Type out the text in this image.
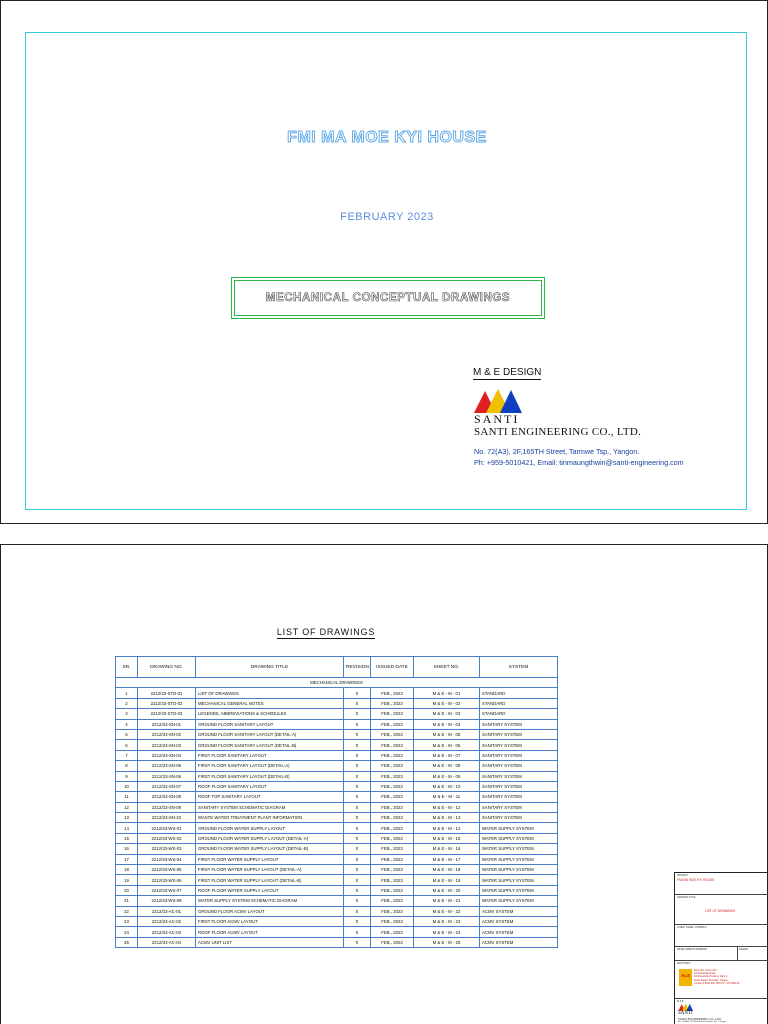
FMI MA MOE KYI HOUSE
FEBRUARY 2023
MECHANICAL CONCEPTUAL DRAWINGS
M & E DESIGN
SANTI
SANTI ENGINEERING CO., LTD.
No. 72(A3), 2F,165TH Street, Tarmwe Tsp., Yangon.
Ph: +959-5010421, Email: tinmaungthwin@santi-engineering.com
LIST OF DRAWINGS
SR.	DRAWING NO.	DRAWING TITLE	REVISION	ISSUED DATE	SHEET NO.	SYSTEM
MECHANICAL DRAWINGS						
1	2212/33-STD-01	LIST OF DRAWINGS	0	FEB., 2023	M & E - M - 01	STANDARD
2	2212/33-STD-02	MECHANICAL GENERAL NOTES	0	FEB., 2023	M & E - M - 02	STANDARD
3	2212/33-STD-03	LEGENDS, ABBREVIATIONS & SCHEDULES	0	FEB., 2023	M & E - M - 03	STANDARD
4	2212/33-SN-01	GROUND FLOOR SANITARY LAYOUT	0	FEB., 2023	M & E - M - 04	SANITARY SYSTEM
5	2212/33-SN-02	GROUND FLOOR SANITARY LAYOUT (DETAIL-A)	0	FEB., 2023	M & E - M - 05	SANITARY SYSTEM
6	2212/33-SN-03	GROUND FLOOR SANITARY LAYOUT (DETAIL-B)	0	FEB., 2023	M & E - M - 06	SANITARY SYSTEM
7	2212/33-SN-04	FIRST FLOOR SANITARY LAYOUT	0	FEB., 2023	M & E - M - 07	SANITARY SYSTEM
8	2212/33-SN-05	FIRST FLOOR SANITARY LAYOUT (DETAIL-A)	0	FEB., 2023	M & E - M - 08	SANITARY SYSTEM
9	2212/33-SN-06	FIRST FLOOR SANITARY LAYOUT (DETAIL-B)	0	FEB., 2023	M & E - M - 09	SANITARY SYSTEM
10	2212/33-SN-07	ROOF FLOOR SANITARY LAYOUT	0	FEB., 2023	M & E - M - 10	SANITARY SYSTEM
11	2212/33-SN-08	ROOF TOP SANITARY LAYOUT	0	FEB., 2023	M & E - M - 11	SANITARY SYSTEM
12	2212/33-SN-09	SANITARY SYSTEM SCHEMATIC DIAGRAM	0	FEB., 2023	M & E - M - 12	SANITARY SYSTEM
13	2212/33-SN-10	WASTE WATER TREATMENT PLANT INFORMATION	0	FEB., 2023	M & E - M - 13	SANITARY SYSTEM
14	2212/33-WS-01	GROUND FLOOR WATER SUPPLY LAYOUT	0	FEB., 2023	M & E - M - 14	WATER SUPPLY SYSTEM
15	2212/33-WS-02	GROUND FLOOR WATER SUPPLY LAYOUT (DETAIL-A)	0	FEB., 2023	M & E - M - 15	WATER SUPPLY SYSTEM
16	2212/33-WS-03	GROUND FLOOR WATER SUPPLY LAYOUT (DETAIL-B)	0	FEB., 2023	M & E - M - 16	WATER SUPPLY SYSTEM
17	2212/33-WS-04	FIRST FLOOR WATER SUPPLY LAYOUT	0	FEB., 2023	M & E - M - 17	WATER SUPPLY SYSTEM
18	2212/33-WS-05	FIRST FLOOR WATER SUPPLY LAYOUT (DETAIL-A)	0	FEB., 2023	M & E - M - 18	WATER SUPPLY SYSTEM
19	2212/33-WS-06	FIRST FLOOR WATER SUPPLY LAYOUT (DETAIL-B)	0	FEB., 2023	M & E - M - 19	WATER SUPPLY SYSTEM
20	2212/33-WS-07	ROOF FLOOR WATER SUPPLY LAYOUT	0	FEB., 2023	M & E - M - 20	WATER SUPPLY SYSTEM
21	2212/33-WS-08	WATER SUPPLY SYSTEM SCHEMATIC DIAGRAM	0	FEB., 2023	M & E - M - 21	WATER SUPPLY SYSTEM
22	2212/33-AC-01	GROUND FLOOR ACMV LAYOUT	0	FEB., 2023	M & E - M - 22	ACMV SYSTEM
23	2212/33-AC-02	FIRST FLOOR ACMV LAYOUT	0	FEB., 2023	M & E - M - 23	ACMV SYSTEM
24	2212/33-AC-03	ROOF FLOOR ACMV LAYOUT	0	FEB., 2023	M & E - M - 24	ACMV SYSTEM
25	2212/33-AC-04	ACMV UNIT LIST	0	FEB., 2023	M & E - M - 25	ACMV SYSTEM
PROJECT
FMI MA MOE KYI HOUSE
DRAWING TITLE
LIST OF DRAWINGS
CLIENT NAME / COMPANY
DEVELOPMENT ADDRESS	DRAWN
ARCHITECT
ALS
Room 5C, Room 203,
Northwestville Road,
Northwestville Housing, Ward 4,
South Dagon Township, Yangon.
Contact:0 9622 000 7878 00 - 976 9999 00
M & E
SANTI
SANTI ENGINEERING CO., LTD.
No. 72(A3), 2F,165th Street,Tarmwe Tsp., Yangon.
